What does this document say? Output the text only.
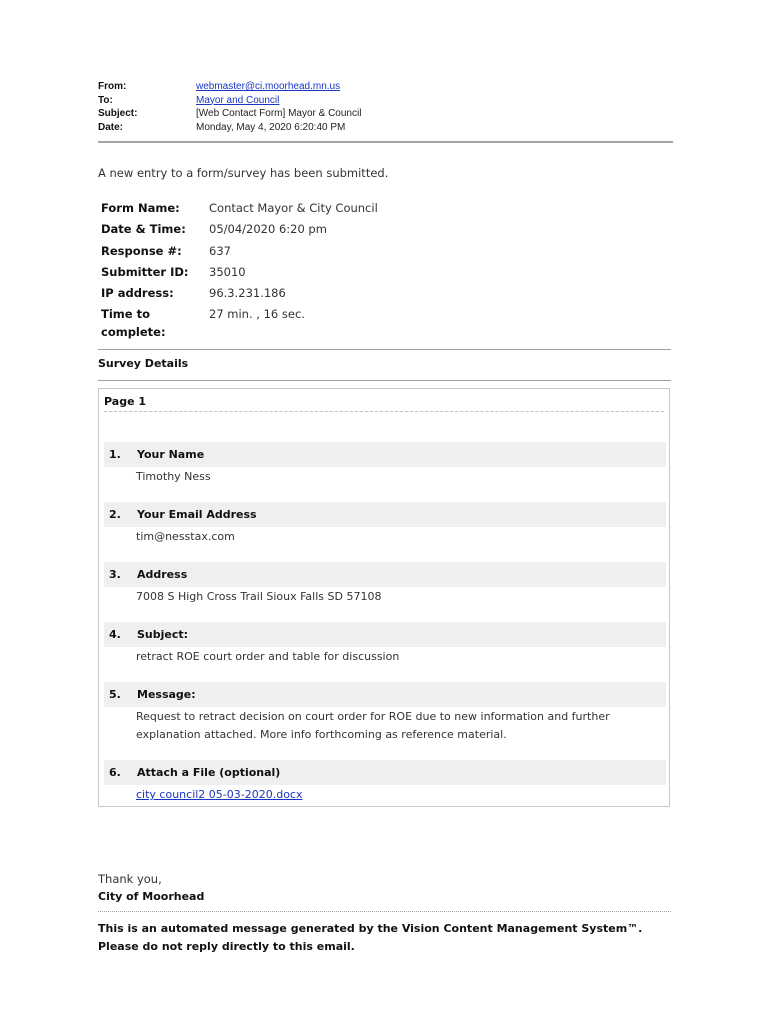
From:	webmaster@ci.moorhead.mn.us
To:	Mayor and Council
Subject:	[Web Contact Form] Mayor & Council
Date:	Monday, May 4, 2020 6:20:40 PM
A new entry to a form/survey has been submitted.
Form Name:	Contact Mayor & City Council
Date & Time:	05/04/2020 6:20 pm
Response #:	637
Submitter ID:	35010
IP address:	96.3.231.186
Time to complete:
27 min. , 16 sec.
Survey Details
Page 1
1. Your Name
Timothy Ness
2. Your Email Address
tim@nesstax.com
3. Address
7008 S High Cross Trail Sioux Falls SD 57108
4. Subject:
retract ROE court order and table for discussion
5. Message:
Request to retract decision on court order for ROE due to new information and further explanation attached. More info forthcoming as reference material.
6. Attach a File (optional)
city council2 05-03-2020.docx
Thank you,
City of Moorhead
This is an automated message generated by the Vision Content Management System™. Please do not reply directly to this email.
